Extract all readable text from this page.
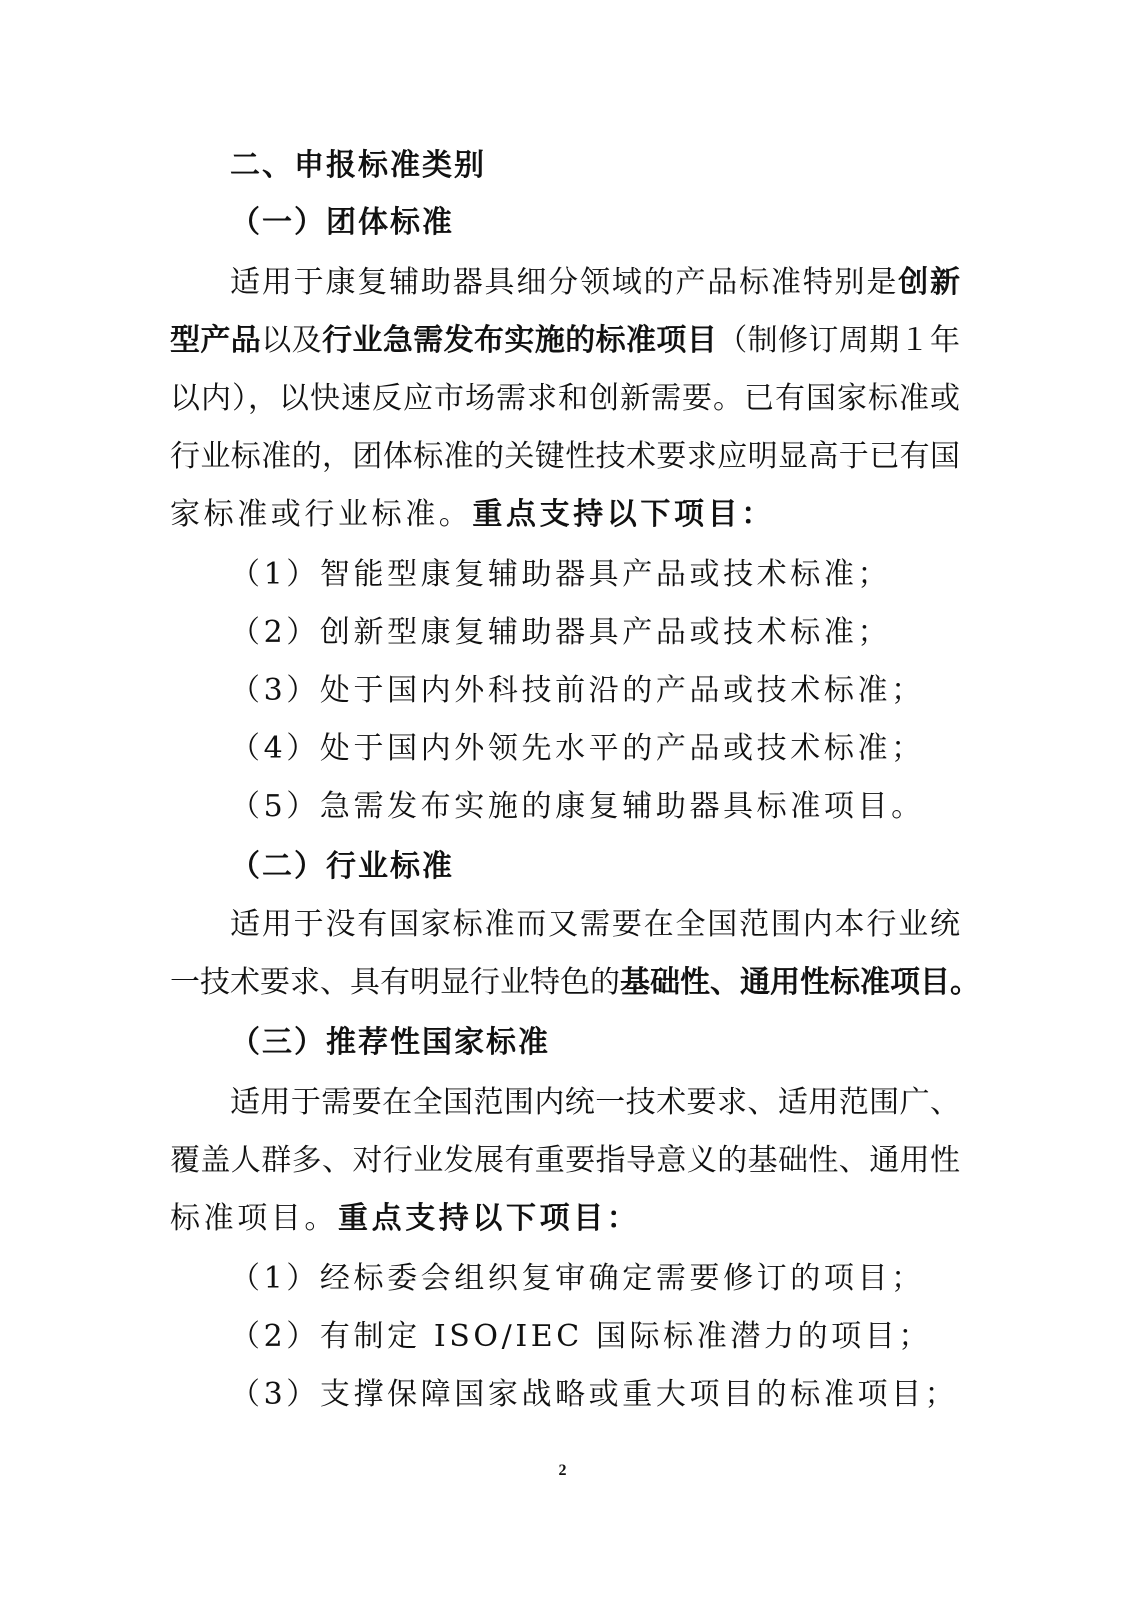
二、申报标准类别
（一）团体标准
适用于康复辅助器具细分领域的产品标准特别是创新
型产品以及行业急需发布实施的标准项目（制修订周期１年
以内），以快速反应市场需求和创新需要。已有国家标准或
行业标准的，团体标准的关键性技术要求应明显高于已有国
家标准或行业标准。重点支持以下项目：
（1）智能型康复辅助器具产品或技术标准；
（2）创新型康复辅助器具产品或技术标准；
（3）处于国内外科技前沿的产品或技术标准；
（4）处于国内外领先水平的产品或技术标准；
（5）急需发布实施的康复辅助器具标准项目。
（二）行业标准
适用于没有国家标准而又需要在全国范围内本行业统
一技术要求、具有明显行业特色的基础性、通用性标准项目。
（三）推荐性国家标准
适用于需要在全国范围内统一技术要求、适用范围广、
覆盖人群多、对行业发展有重要指导意义的基础性、通用性
标准项目。重点支持以下项目：
（1）经标委会组织复审确定需要修订的项目；
（2）有制定 ISO/IEC 国际标准潜力的项目；
（3）支撑保障国家战略或重大项目的标准项目；
2
